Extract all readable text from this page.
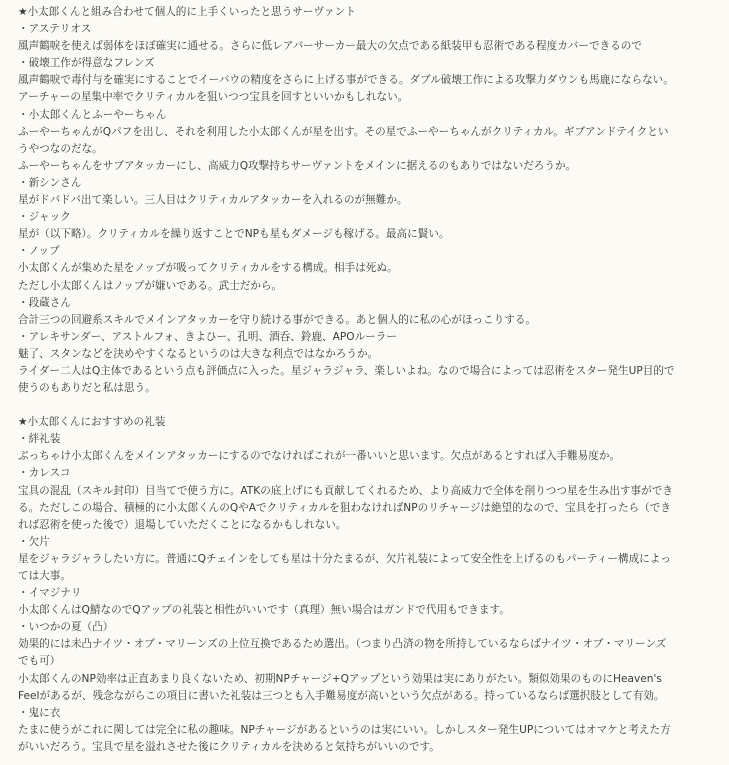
★小太郎くんと組み合わせて個人的に上手くいったと思うサーヴァント
・アステリオス
風声鶴唳を使えば弱体をほぼ確実に通せる。さらに低レアバーサーカー最大の欠点である紙装甲も忍術である程度カバーできるので
・破壊工作が得意なフレンズ
風声鶴唳で毒付与を確実にすることでイーバウの精度をさらに上げる事ができる。ダブル破壊工作による攻撃力ダウンも馬鹿にならない。
アーチャーの星集中率でクリティカルを狙いつつ宝具を回すといいかもしれない。
・小太郎くんとふーやーちゃん
ふーやーちゃんがQパフを出し、それを利用した小太郎くんが星を出す。その星でふーやーちゃんがクリティカル。ギブアンドテイクとい
うやつなのだな。
ふーやーちゃんをサブアタッカーにし、高威力Q攻撃持ちサーヴァントをメインに据えるのもありではないだろうか。
・新シンさん
星がドバドバ出て楽しい。三人目はクリティカルアタッカーを入れるのが無難か。
・ジャック
星が（以下略）。クリティカルを繰り返すことでNPも星もダメージも稼げる。最高に賢い。
・ノップ
小太郎くんが集めた星をノップが吸ってクリティカルをする構成。相手は死ぬ。
ただし小太郎くんはノップが嫌いである。武士だから。
・段蔵さん
合計三つの回避系スキルでメインアタッカーを守り続ける事ができる。あと個人的に私の心がほっこりする。
・アレキサンダー、アストルフォ、きよひー、孔明、酒呑、鈴鹿、APOルーラー
魅了、スタンなどを決めやすくなるというのは大きな利点ではなかろうか。
ライダー二人はQ主体であるという点も評価点に入った。星ジャラジャラ、楽しいよね。なので場合によっては忍術をスター発生UP目的で
使うのもありだと私は思う。
★小太郎くんにおすすめの礼装
・絆礼装
ぶっちゃけ小太郎くんをメインアタッカーにするのでなければこれが一番いいと思います。欠点があるとすれば入手難易度か。
・カレスコ
宝具の混乱（スキル封印）目当てで使う方に。ATKの底上げにも貢献してくれるため、より高威力で全体を削りつつ星を生み出す事ができ
る。ただしこの場合、積極的に小太郎くんのQやAでクリティカルを狙わなければNPのリチャージは絶望的なので、宝具を打ったら（でき
れば忍術を使った後で）退場していただくことになるかもしれない。
・欠片
星をジャラジャラしたい方に。普通にQチェインをしても星は十分たまるが、欠片礼装によって安全性を上げるのもパーティー構成によっ
ては大事。
・イマジナリ
小太郎くんはQ鯖なのでQアップの礼装と相性がいいです（真理）無い場合はガンドで代用もできます。
・いつかの夏（凸）
効果的には未凸ナイツ・オブ・マリーンズの上位互換であるため選出。（つまり凸済の物を所持しているならばナイツ・オブ・マリーンズ
でも可）
小太郎くんのNP効率は正直あまり良くないため、初期NPチャージ+Qアップという効果は実にありがたい。類似効果のものにHeaven's
Feelがあるが、残念ながらこの項目に書いた礼装は三つとも入手難易度が高いという欠点がある。持っているならば選択肢として有効。
・鬼に衣
たまに使うがこれに関しては完全に私の趣味。NPチャージがあるというのは実にいい。しかしスター発生UPについてはオマケと考えた方
がいいだろう。宝具で星を溢れさせた後にクリティカルを決めると気持ちがいいのです。
